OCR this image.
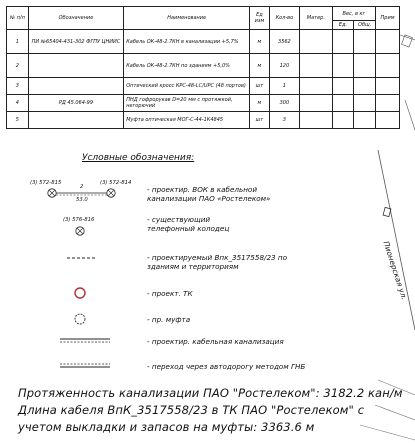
Пионерская ул.
№ п/п	Обозначение	Наименование	Ед изм	Кол-во	Матер.	Вес, в кг		Прим
						Ед.	Общ.	
1	ПИ №65404-431-302 ФГПУ ЦНИИС	Кабель ОК-48-2.7КН в канализации +5,7%	м	3562				
2		Кабель ОК-48-2.7КН по зданиям +5,0%	м	120				
3		Оптический кросс КРС-48-LC/UPC (48 портов)	шт	1				
4	РД 45.064-99	ПНД гофрорукав D=20 мм с протяжкой, негорючий	м	300				
5		Муфта оптическая МОГ-С-44-1К4845	шт	3				
Условные обозначения:
(3) 572-815	(3) 572-814
2
53.0
(3) 576-816
- проектир. ВОК в кабельной канализации ПАО «Ростелеком»
- существующий телефонный колодец
- проектируемый Впк_3517558/23 по зданиям и территориям
- проект. ТК
- пр. муфта
- проектир. кабельная канализация
- переход через автодорогу методом ГНБ
Протяженность канализации ПАО "Ростелеком": 3182.2 кан/м
Длина кабеля ВпК_3517558/23 в ТК ПАО "Ростелеком" с
учетом выкладки и запасов на муфты: 3363.6 м
